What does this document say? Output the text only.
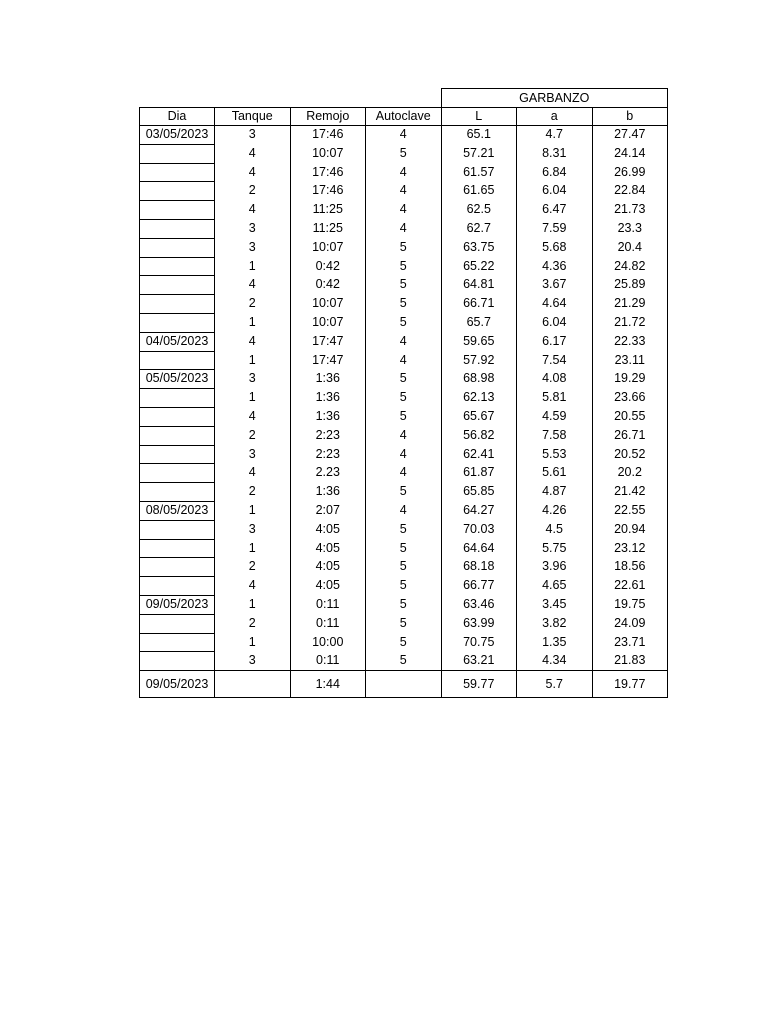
				GARBANZO		
Dia	Tanque	Remojo	Autoclave	L	a	b
03/05/2023	3	17:46	4	65.1	4.7	27.47
	4	10:07	5	57.21	8.31	24.14
	4	17:46	4	61.57	6.84	26.99
	2	17:46	4	61.65	6.04	22.84
	4	11:25	4	62.5	6.47	21.73
	3	11:25	4	62.7	7.59	23.3
	3	10:07	5	63.75	5.68	20.4
	1	0:42	5	65.22	4.36	24.82
	4	0:42	5	64.81	3.67	25.89
	2	10:07	5	66.71	4.64	21.29
	1	10:07	5	65.7	6.04	21.72
04/05/2023	4	17:47	4	59.65	6.17	22.33
	1	17:47	4	57.92	7.54	23.11
05/05/2023	3	1:36	5	68.98	4.08	19.29
	1	1:36	5	62.13	5.81	23.66
	4	1:36	5	65.67	4.59	20.55
	2	2:23	4	56.82	7.58	26.71
	3	2:23	4	62.41	5.53	20.52
	4	2.23	4	61.87	5.61	20.2
	2	1:36	5	65.85	4.87	21.42
08/05/2023	1	2:07	4	64.27	4.26	22.55
	3	4:05	5	70.03	4.5	20.94
	1	4:05	5	64.64	5.75	23.12
	2	4:05	5	68.18	3.96	18.56
	4	4:05	5	66.77	4.65	22.61
09/05/2023	1	0:11	5	63.46	3.45	19.75
	2	0:11	5	63.99	3.82	24.09
	1	10:00	5	70.75	1.35	23.71
	3	0:11	5	63.21	4.34	21.83
09/05/2023		1:44		59.77	5.7	19.77
